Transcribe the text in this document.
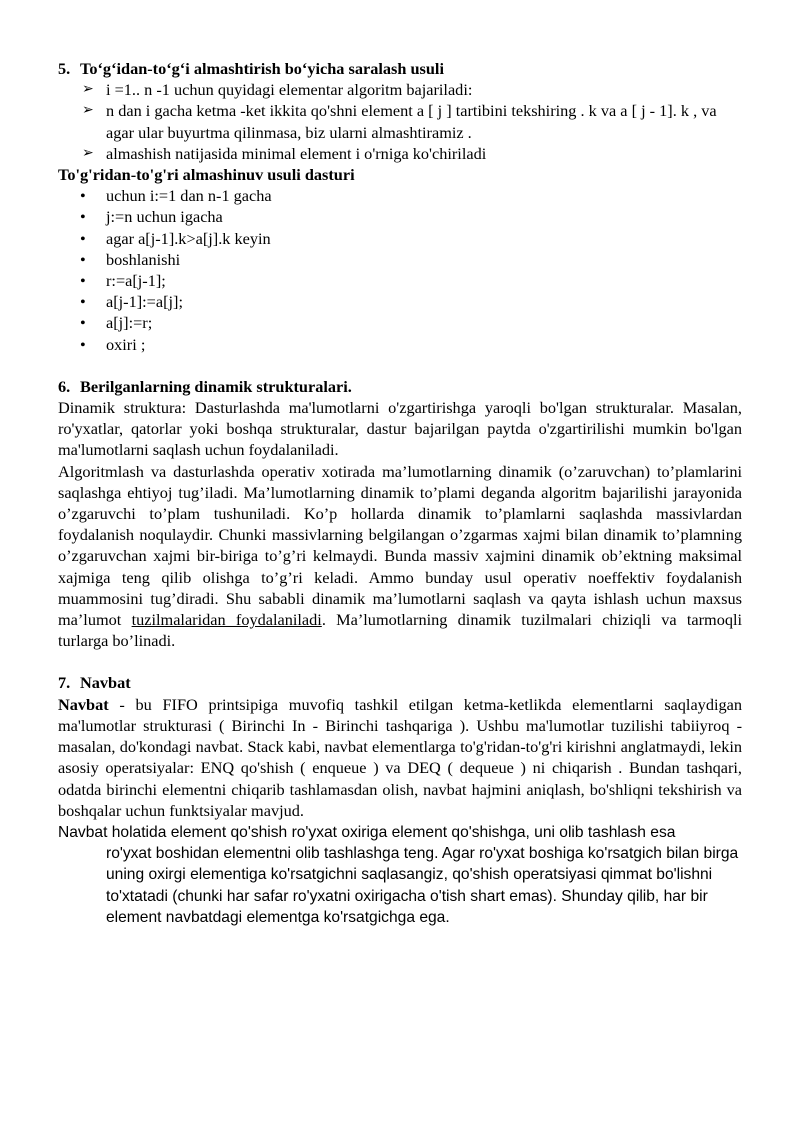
5. To‘g‘idan-to‘g‘i almashtirish bo‘yicha saralash usuli

➢ i =1.. n -1 uchun quyidagi elementar algoritm bajariladi:
➢ n dan i gacha ketma -ket ikkita qo'shni element a [ j ] tartibini tekshiring . k va a [ j - 1]. k , va agar ular buyurtma qilinmasa, biz ularni almashtiramiz .
➢ almashish natijasida minimal element i o'rniga ko'chiriladi

To'g'ridan-to'g'ri almashinuv usuli dasturi

• uchun i:=1 dan n-1 gacha
• j:=n uchun igacha
• agar a[j-1].k>a[j].k keyin
• boshlanishi
• r:=a[j-1];
• a[j-1]:=a[j];
• a[j]:=r;
• oxiri ;

6. Berilganlarning dinamik strukturalari.

Dinamik struktura: Dasturlashda ma'lumotlarni o'zgartirishga yaroqli bo'lgan strukturalar. Masalan, ro'yxatlar, qatorlar yoki boshqa strukturalar, dastur bajarilgan paytda o'zgartirilishi mumkin bo'lgan ma'lumotlarni saqlash uchun foydalaniladi.

Algoritmlash va dasturlashda operativ xotirada ma’lumotlarning dinamik (o’zaruvchan) to’plamlarini saqlashga ehtiyoj tug’iladi. Ma’lumotlarning dinamik to’plami deganda algoritm bajarilishi jarayonida o’zgaruvchi to’plam tushuniladi. Ko’p hollarda dinamik to’plamlarni saqlashda massivlardan foydalanish noqulaydir. Chunki massivlarning belgilangan o’zgarmas xajmi bilan dinamik to’plamning o’zgaruvchan xajmi bir-biriga to’g’ri kelmaydi. Bunda massiv xajmini dinamik ob’ektning maksimal xajmiga teng qilib olishga to’g’ri keladi. Ammo bunday usul operativ noeffektiv foydalanish muammosini tug’diradi. Shu sababli dinamik ma’lumotlarni saqlash va qayta ishlash uchun maxsus ma’lumot tuzilmalaridan foydalaniladi. Ma’lumotlarning dinamik tuzilmalari chiziqli va tarmoqli turlarga bo’linadi.

7. Navbat

Navbat - bu FIFO printsipiga muvofiq tashkil etilgan ketma-ketlikda elementlarni saqlaydigan ma'lumotlar strukturasi ( Birinchi In - Birinchi tashqariga ). Ushbu ma'lumotlar tuzilishi tabiiyroq - masalan, do'kondagi navbat. Stack kabi, navbat elementlarga to'g'ridan-to'g'ri kirishni anglatmaydi, lekin asosiy operatsiyalar: ENQ qo'shish ( enqueue ) va DEQ ( dequeue ) ni chiqarish . Bundan tashqari, odatda birinchi elementni chiqarib tashlamasdan olish, navbat hajmini aniqlash, bo'shliqni tekshirish va boshqalar uchun funktsiyalar mavjud.

Navbat holatida element qo'shish ro'yxat oxiriga element qo'shishga, uni olib tashlash esa
ro'yxat boshidan elementni olib tashlashga teng. Agar ro'yxat boshiga ko'rsatgich bilan birga uning oxirgi elementiga ko'rsatgichni saqlasangiz, qo'shish operatsiyasi qimmat bo'lishni to'xtatadi (chunki har safar ro'yxatni oxirigacha o'tish shart emas). Shunday qilib, har bir element navbatdagi elementga ko'rsatgichga ega.
